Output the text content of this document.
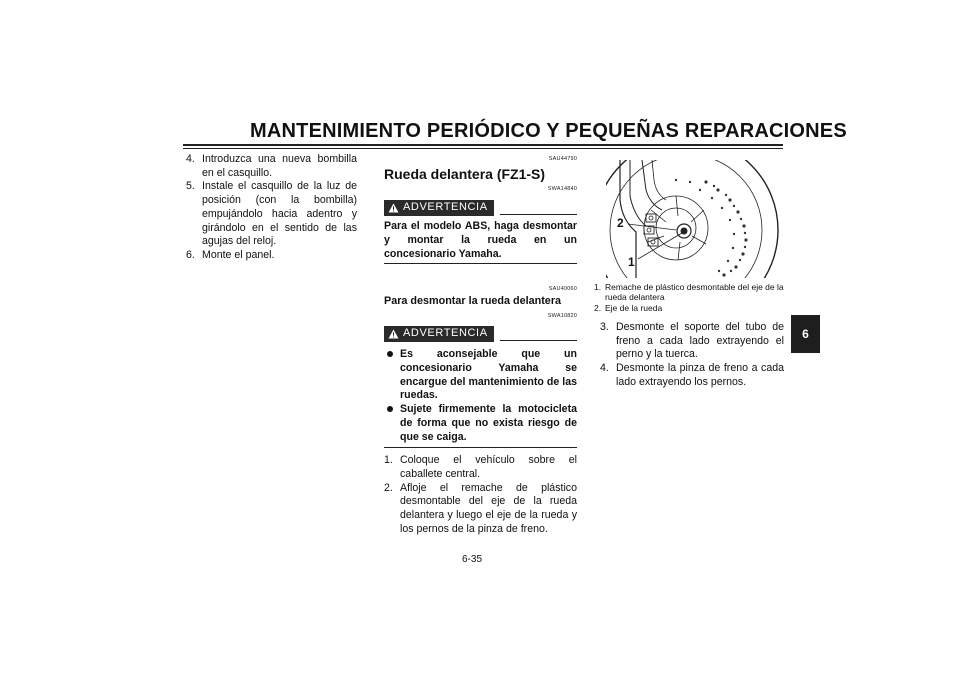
MANTENIMIENTO PERIÓDICO Y PEQUEÑAS REPARACIONES
4. Introduzca una nueva bombilla en el casquillo.
5. Instale el casquillo de la luz de posición (con la bombilla) empujándolo hacia adentro y girándolo en el sentido de las agujas del reloj.
6. Monte el panel.
SAU44790
Rueda delantera (FZ1-S)
SWA14840
ADVERTENCIA
Para el modelo ABS, haga desmontar y montar la rueda en un concesionario Yamaha.
SAU40060
Para desmontar la rueda delantera
SWA10820
ADVERTENCIA
Es aconsejable que un concesionario Yamaha se encargue del mantenimiento de las ruedas.
Sujete firmemente la motocicleta de forma que no exista riesgo de que se caiga.
1. Coloque el vehículo sobre el caballete central.
2. Afloje el remache de plástico desmontable del eje de la rueda delantera y luego el eje de la rueda y los pernos de la pinza de freno.
2
1
1. Remache de plástico desmontable del eje de la rueda delantera
2. Eje de la rueda
3. Desmonte el soporte del tubo de freno a cada lado extrayendo el perno y la tuerca.
4. Desmonte la pinza de freno a cada lado extrayendo los pernos.
6
6-35
